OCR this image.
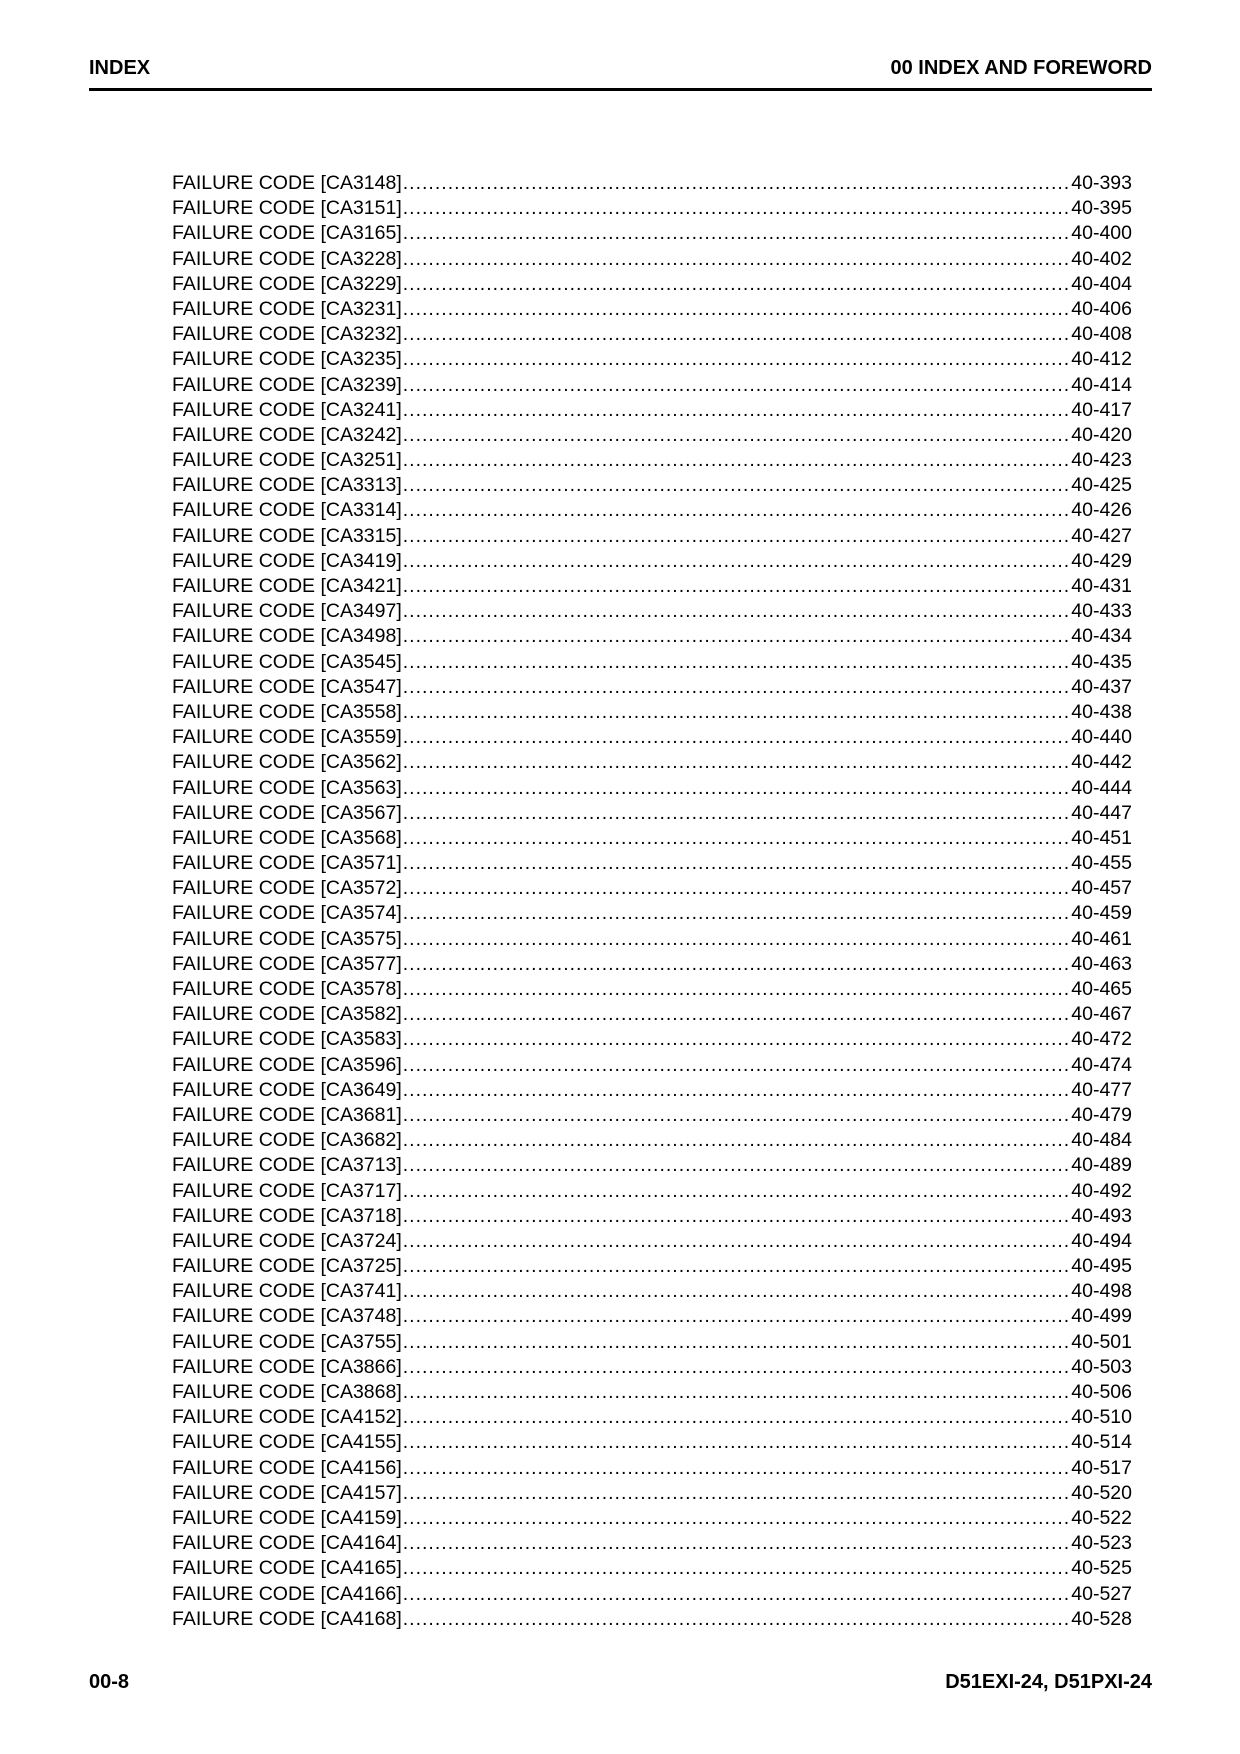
INDEX	00 INDEX AND FOREWORD
FAILURE CODE [CA3148] .....	40-393
FAILURE CODE [CA3151] .....	40-395
FAILURE CODE [CA3165] .....	40-400
FAILURE CODE [CA3228] .....	40-402
FAILURE CODE [CA3229] .....	40-404
FAILURE CODE [CA3231] .....	40-406
FAILURE CODE [CA3232] .....	40-408
FAILURE CODE [CA3235] .....	40-412
FAILURE CODE [CA3239] .....	40-414
FAILURE CODE [CA3241] .....	40-417
FAILURE CODE [CA3242] .....	40-420
FAILURE CODE [CA3251] .....	40-423
FAILURE CODE [CA3313] .....	40-425
FAILURE CODE [CA3314] .....	40-426
FAILURE CODE [CA3315] .....	40-427
FAILURE CODE [CA3419] .....	40-429
FAILURE CODE [CA3421] .....	40-431
FAILURE CODE [CA3497] .....	40-433
FAILURE CODE [CA3498] .....	40-434
FAILURE CODE [CA3545] .....	40-435
FAILURE CODE [CA3547] .....	40-437
FAILURE CODE [CA3558] .....	40-438
FAILURE CODE [CA3559] .....	40-440
FAILURE CODE [CA3562] .....	40-442
FAILURE CODE [CA3563] .....	40-444
FAILURE CODE [CA3567] .....	40-447
FAILURE CODE [CA3568] .....	40-451
FAILURE CODE [CA3571] .....	40-455
FAILURE CODE [CA3572] .....	40-457
FAILURE CODE [CA3574] .....	40-459
FAILURE CODE [CA3575] .....	40-461
FAILURE CODE [CA3577] .....	40-463
FAILURE CODE [CA3578] .....	40-465
FAILURE CODE [CA3582] .....	40-467
FAILURE CODE [CA3583] .....	40-472
FAILURE CODE [CA3596] .....	40-474
FAILURE CODE [CA3649] .....	40-477
FAILURE CODE [CA3681] .....	40-479
FAILURE CODE [CA3682] .....	40-484
FAILURE CODE [CA3713] .....	40-489
FAILURE CODE [CA3717] .....	40-492
FAILURE CODE [CA3718] .....	40-493
FAILURE CODE [CA3724] .....	40-494
FAILURE CODE [CA3725] .....	40-495
FAILURE CODE [CA3741] .....	40-498
FAILURE CODE [CA3748] .....	40-499
FAILURE CODE [CA3755] .....	40-501
FAILURE CODE [CA3866] .....	40-503
FAILURE CODE [CA3868] .....	40-506
FAILURE CODE [CA4152] .....	40-510
FAILURE CODE [CA4155] .....	40-514
FAILURE CODE [CA4156] .....	40-517
FAILURE CODE [CA4157] .....	40-520
FAILURE CODE [CA4159] .....	40-522
FAILURE CODE [CA4164] .....	40-523
FAILURE CODE [CA4165] .....	40-525
FAILURE CODE [CA4166] .....	40-527
FAILURE CODE [CA4168] .....	40-528
00-8	D51EXI-24, D51PXI-24
